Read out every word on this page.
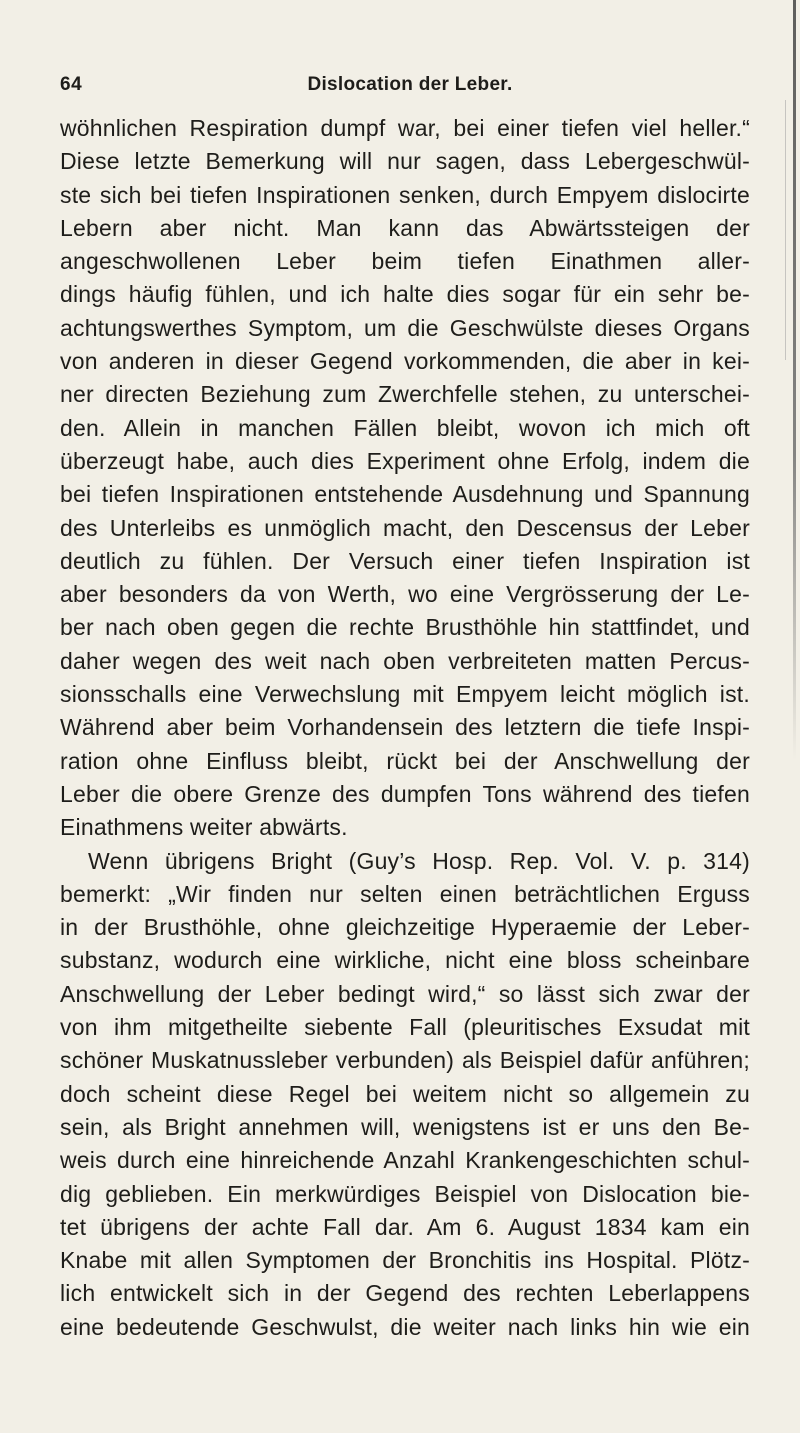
64	Dislocation der Leber.
wöhnlichen Respiration dumpf war, bei einer tiefen viel heller.“
Diese letzte Bemerkung will nur sagen, dass Lebergeschwül-
ste sich bei tiefen Inspirationen senken, durch Empyem dislocirte
Lebern aber nicht. Man kann das Abwärtssteigen der
angeschwollenen Leber beim tiefen Einathmen aller-
dings häufig fühlen, und ich halte dies sogar für ein sehr be-
achtungswerthes Symptom, um die Geschwülste dieses Organs
von anderen in dieser Gegend vorkommenden, die aber in kei-
ner directen Beziehung zum Zwerchfelle stehen, zu unterschei-
den. Allein in manchen Fällen bleibt, wovon ich mich oft
überzeugt habe, auch dies Experiment ohne Erfolg, indem die
bei tiefen Inspirationen entstehende Ausdehnung und Spannung
des Unterleibs es unmöglich macht, den Descensus der Leber
deutlich zu fühlen. Der Versuch einer tiefen Inspiration ist
aber besonders da von Werth, wo eine Vergrösserung der Le-
ber nach oben gegen die rechte Brusthöhle hin stattfindet, und
daher wegen des weit nach oben verbreiteten matten Percus-
sionsschalls eine Verwechslung mit Empyem leicht möglich ist.
Während aber beim Vorhandensein des letztern die tiefe Inspi-
ration ohne Einfluss bleibt, rückt bei der Anschwellung der
Leber die obere Grenze des dumpfen Tons während des tiefen
Einathmens weiter abwärts.
Wenn übrigens Bright (Guy’s Hosp. Rep. Vol. V. p. 314)
bemerkt: „Wir finden nur selten einen beträchtlichen Erguss
in der Brusthöhle, ohne gleichzeitige Hyperaemie der Leber-
substanz, wodurch eine wirkliche, nicht eine bloss scheinbare
Anschwellung der Leber bedingt wird,“ so lässt sich zwar der
von ihm mitgetheilte siebente Fall (pleuritisches Exsudat mit
schöner Muskatnussleber verbunden) als Beispiel dafür anführen;
doch scheint diese Regel bei weitem nicht so allgemein zu
sein, als Bright annehmen will, wenigstens ist er uns den Be-
weis durch eine hinreichende Anzahl Krankengeschichten schul-
dig geblieben. Ein merkwürdiges Beispiel von Dislocation bie-
tet übrigens der achte Fall dar. Am 6. August 1834 kam ein
Knabe mit allen Symptomen der Bronchitis ins Hospital. Plötz-
lich entwickelt sich in der Gegend des rechten Leberlappens
eine bedeutende Geschwulst, die weiter nach links hin wie ein
